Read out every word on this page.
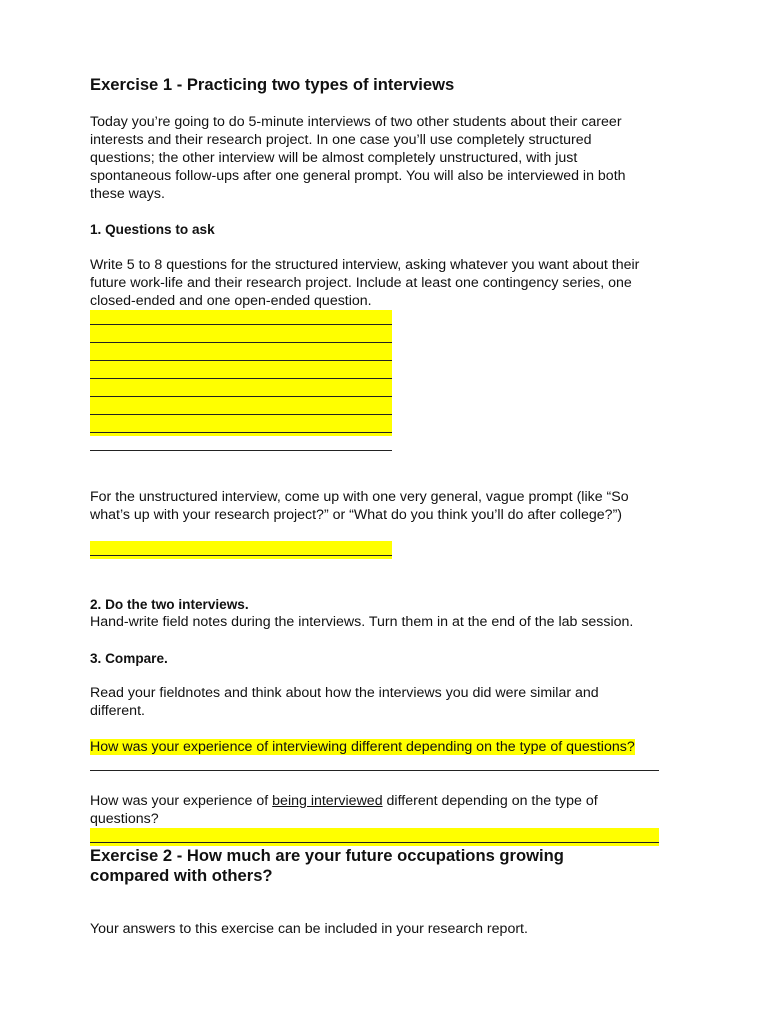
Exercise 1 - Practicing two types of interviews

Today you’re going to do 5-minute interviews of two other students about their career

interests and their research project. In one case you’ll use completely structured

questions; the other interview will be almost completely unstructured, with just

spontaneous follow-ups after one general prompt. You will also be interviewed in both

these ways.

1. Questions to ask

Write 5 to 8 questions for the structured interview, asking whatever you want about their

future work-life and their research project. Include at least one contingency series, one

closed-ended and one open-ended question.

For the unstructured interview, come up with one very general, vague prompt (like “So

what’s up with your research project?” or “What do you think you’ll do after college?”)

2. Do the two interviews.

Hand-write field notes during the interviews. Turn them in at the end of the lab session.

3. Compare.

Read your fieldnotes and think about how the interviews you did were similar and

different.

How was your experience of interviewing different depending on the type of questions?

How was your experience of being interviewed different depending on the type of

questions?

Exercise 2 - How much are your future occupations growing
compared with others?

Your answers to this exercise can be included in your research report.
